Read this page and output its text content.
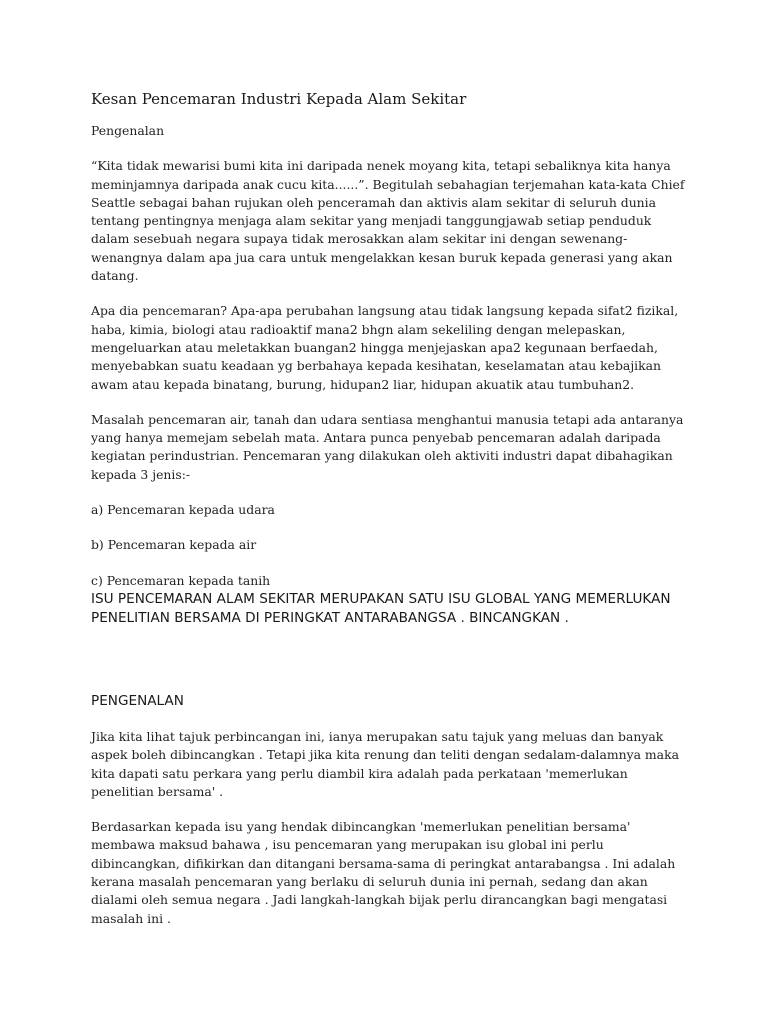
Kesan Pencemaran Industri Kepada Alam Sekitar

Pengenalan

“Kita tidak mewarisi bumi kita ini daripada nenek moyang kita, tetapi sebaliknya kita hanya meminjamnya daripada anak cucu kita......”. Begitulah sebahagian terjemahan kata-kata Chief Seattle sebagai bahan rujukan oleh penceramah dan aktivis alam sekitar di seluruh dunia tentang pentingnya menjaga alam sekitar yang menjadi tanggungjawab setiap penduduk dalam sesebuah negara supaya tidak merosakkan alam sekitar ini dengan sewenang-wenangnya dalam apa jua cara untuk mengelakkan kesan buruk kepada generasi yang akan datang.

Apa dia pencemaran? Apa-apa perubahan langsung atau tidak langsung kepada sifat2 fizikal, haba, kimia, biologi atau radioaktif mana2 bhgn alam sekeliling dengan melepaskan, mengeluarkan atau meletakkan buangan2 hingga menjejaskan apa2 kegunaan berfaedah, menyebabkan suatu keadaan yg berbahaya kepada kesihatan, keselamatan atau kebajikan awam atau kepada binatang, burung, hidupan2 liar, hidupan akuatik atau tumbuhan2.

Masalah pencemaran air, tanah dan udara sentiasa menghantui manusia tetapi ada antaranya yang hanya memejam sebelah mata. Antara punca penyebab pencemaran adalah daripada kegiatan perindustrian. Pencemaran yang dilakukan oleh aktiviti industri dapat dibahagikan kepada 3 jenis:-

a) Pencemaran kepada udara

b) Pencemaran kepada air

c) Pencemaran kepada tanih

ISU PENCEMARAN ALAM SEKITAR MERUPAKAN SATU ISU GLOBAL YANG MEMERLUKAN PENELITIAN BERSAMA DI PERINGKAT ANTARABANGSA . BINCANGKAN .

PENGENALAN

Jika kita lihat tajuk perbincangan ini, ianya merupakan satu tajuk yang meluas dan banyak aspek boleh dibincangkan . Tetapi jika kita renung dan teliti dengan sedalam-dalamnya maka kita dapati satu perkara yang perlu diambil kira adalah pada perkataan 'memerlukan penelitian bersama' .

Berdasarkan kepada isu yang hendak dibincangkan 'memerlukan penelitian bersama' membawa maksud bahawa , isu pencemaran yang merupakan isu global ini perlu dibincangkan, difikirkan dan ditangani bersama-sama di peringkat antarabangsa . Ini adalah kerana masalah pencemaran yang berlaku di seluruh dunia ini pernah, sedang dan akan dialami oleh semua negara . Jadi langkah-langkah bijak perlu dirancangkan bagi mengatasi masalah ini .
